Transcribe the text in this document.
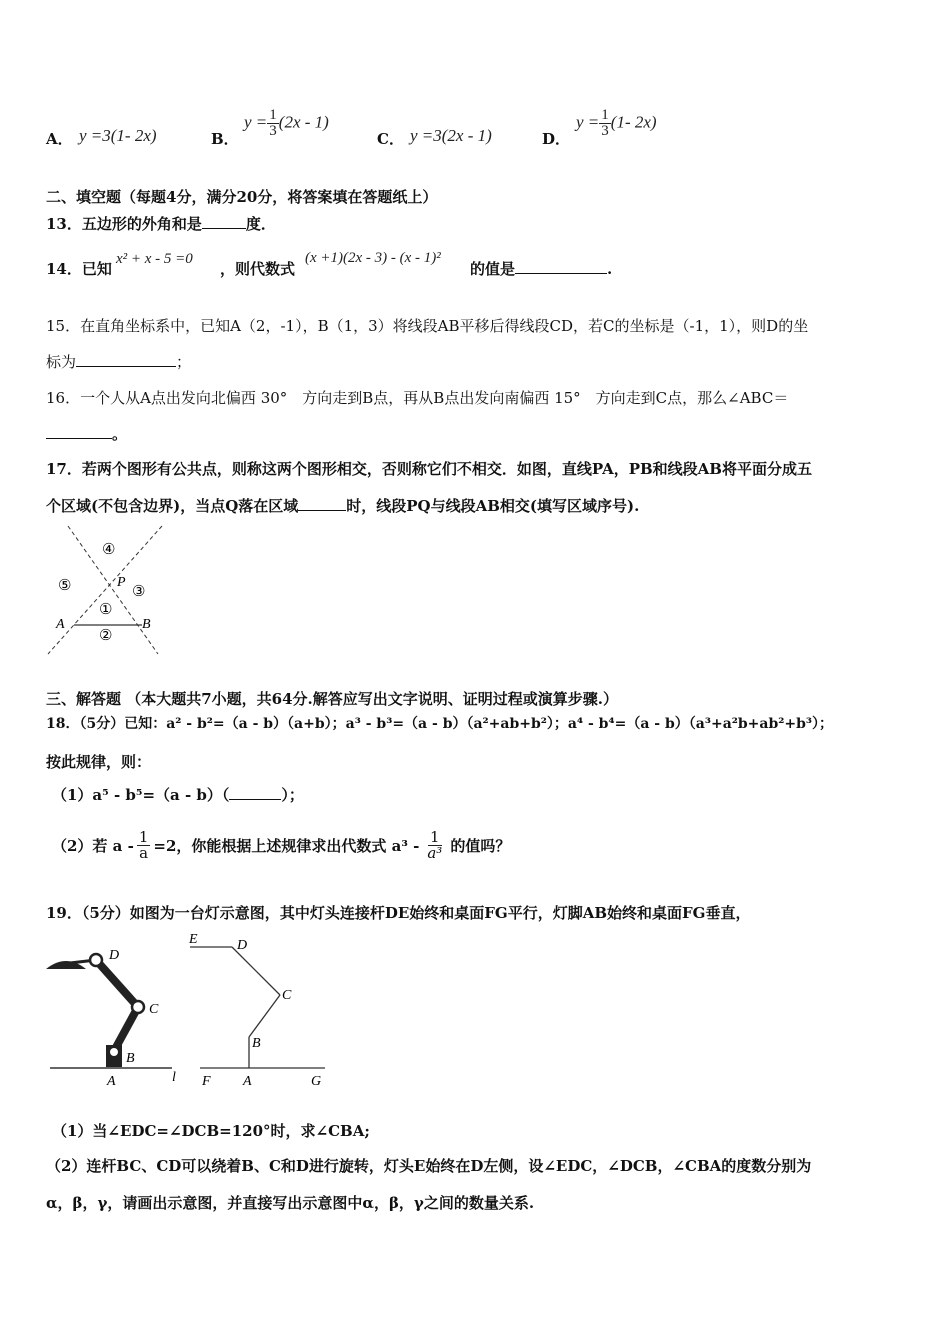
A． y =3(1- 2x)	B．
$y = \frac{1}{3} (2x - 1)$
C． y =3(2x - 1)	D．
$y = \frac{1}{3} (1-$ 2x)
二、填空题（每题4分，满分20分，将答案填在答题纸上）
13．五边形的外角和是	度．
14．已知
x² + x - 5 =0
，则代数式
(x +1)(2x - 3) - (x - 1)²
的值是	.
15．在直角坐标系中，已知A（2，-1），B（1，3）将线段AB平移后得线段CD，若C的坐标是（-1，1），则D的坐
标为	；
16．一个人从A点出发向北偏西 30°　方向走到B点，再从B点出发向南偏西 15°　方向走到C点，那么∠ABC＝
。
17．若两个图形有公共点，则称这两个图形相交，否则称它们不相交．如图，直线PA，PB和线段AB将平面分成五
个区域(不包含边界)，当点Q落在区域	时，线段PQ与线段AB相交(填写区域序号).
④
⑤	③
①
②
P
A	B
三、解答题 （本大题共7小题，共64分.解答应写出文字说明、证明过程或演算步骤.）
18．（5分）已知：a² - b²=（a - b）（a+b）；a³ - b³=（a - b）（a²+ab+b²）；a⁴ - b⁴=（a - b）（a³+a²b+ab²+b³）；
按此规律，则：
（1）a⁵ - b⁵=（a - b）（	）；
（2）若 $a - \frac{1}{a} =2$，你能根据上述规律求出代数式 $a^3 - \frac{1}{\text{a³}}$ 的值吗？
19．（5分）如图为一台灯示意图，其中灯头连接杆DE始终和桌面FG平行，灯脚AB始终和桌面FG垂直，
D
C
B
A	l
E	D
C
B
F A	G
（1）当∠EDC=∠DCB=120°时，求∠CBA;
（2）连杆BC、CD可以绕着B、C和D进行旋转，灯头E始终在D左侧，设∠EDC，∠DCB，∠CBA的度数分别为
α，β，γ，请画出示意图，并直接写出示意图中α，β，γ之间的数量关系.
